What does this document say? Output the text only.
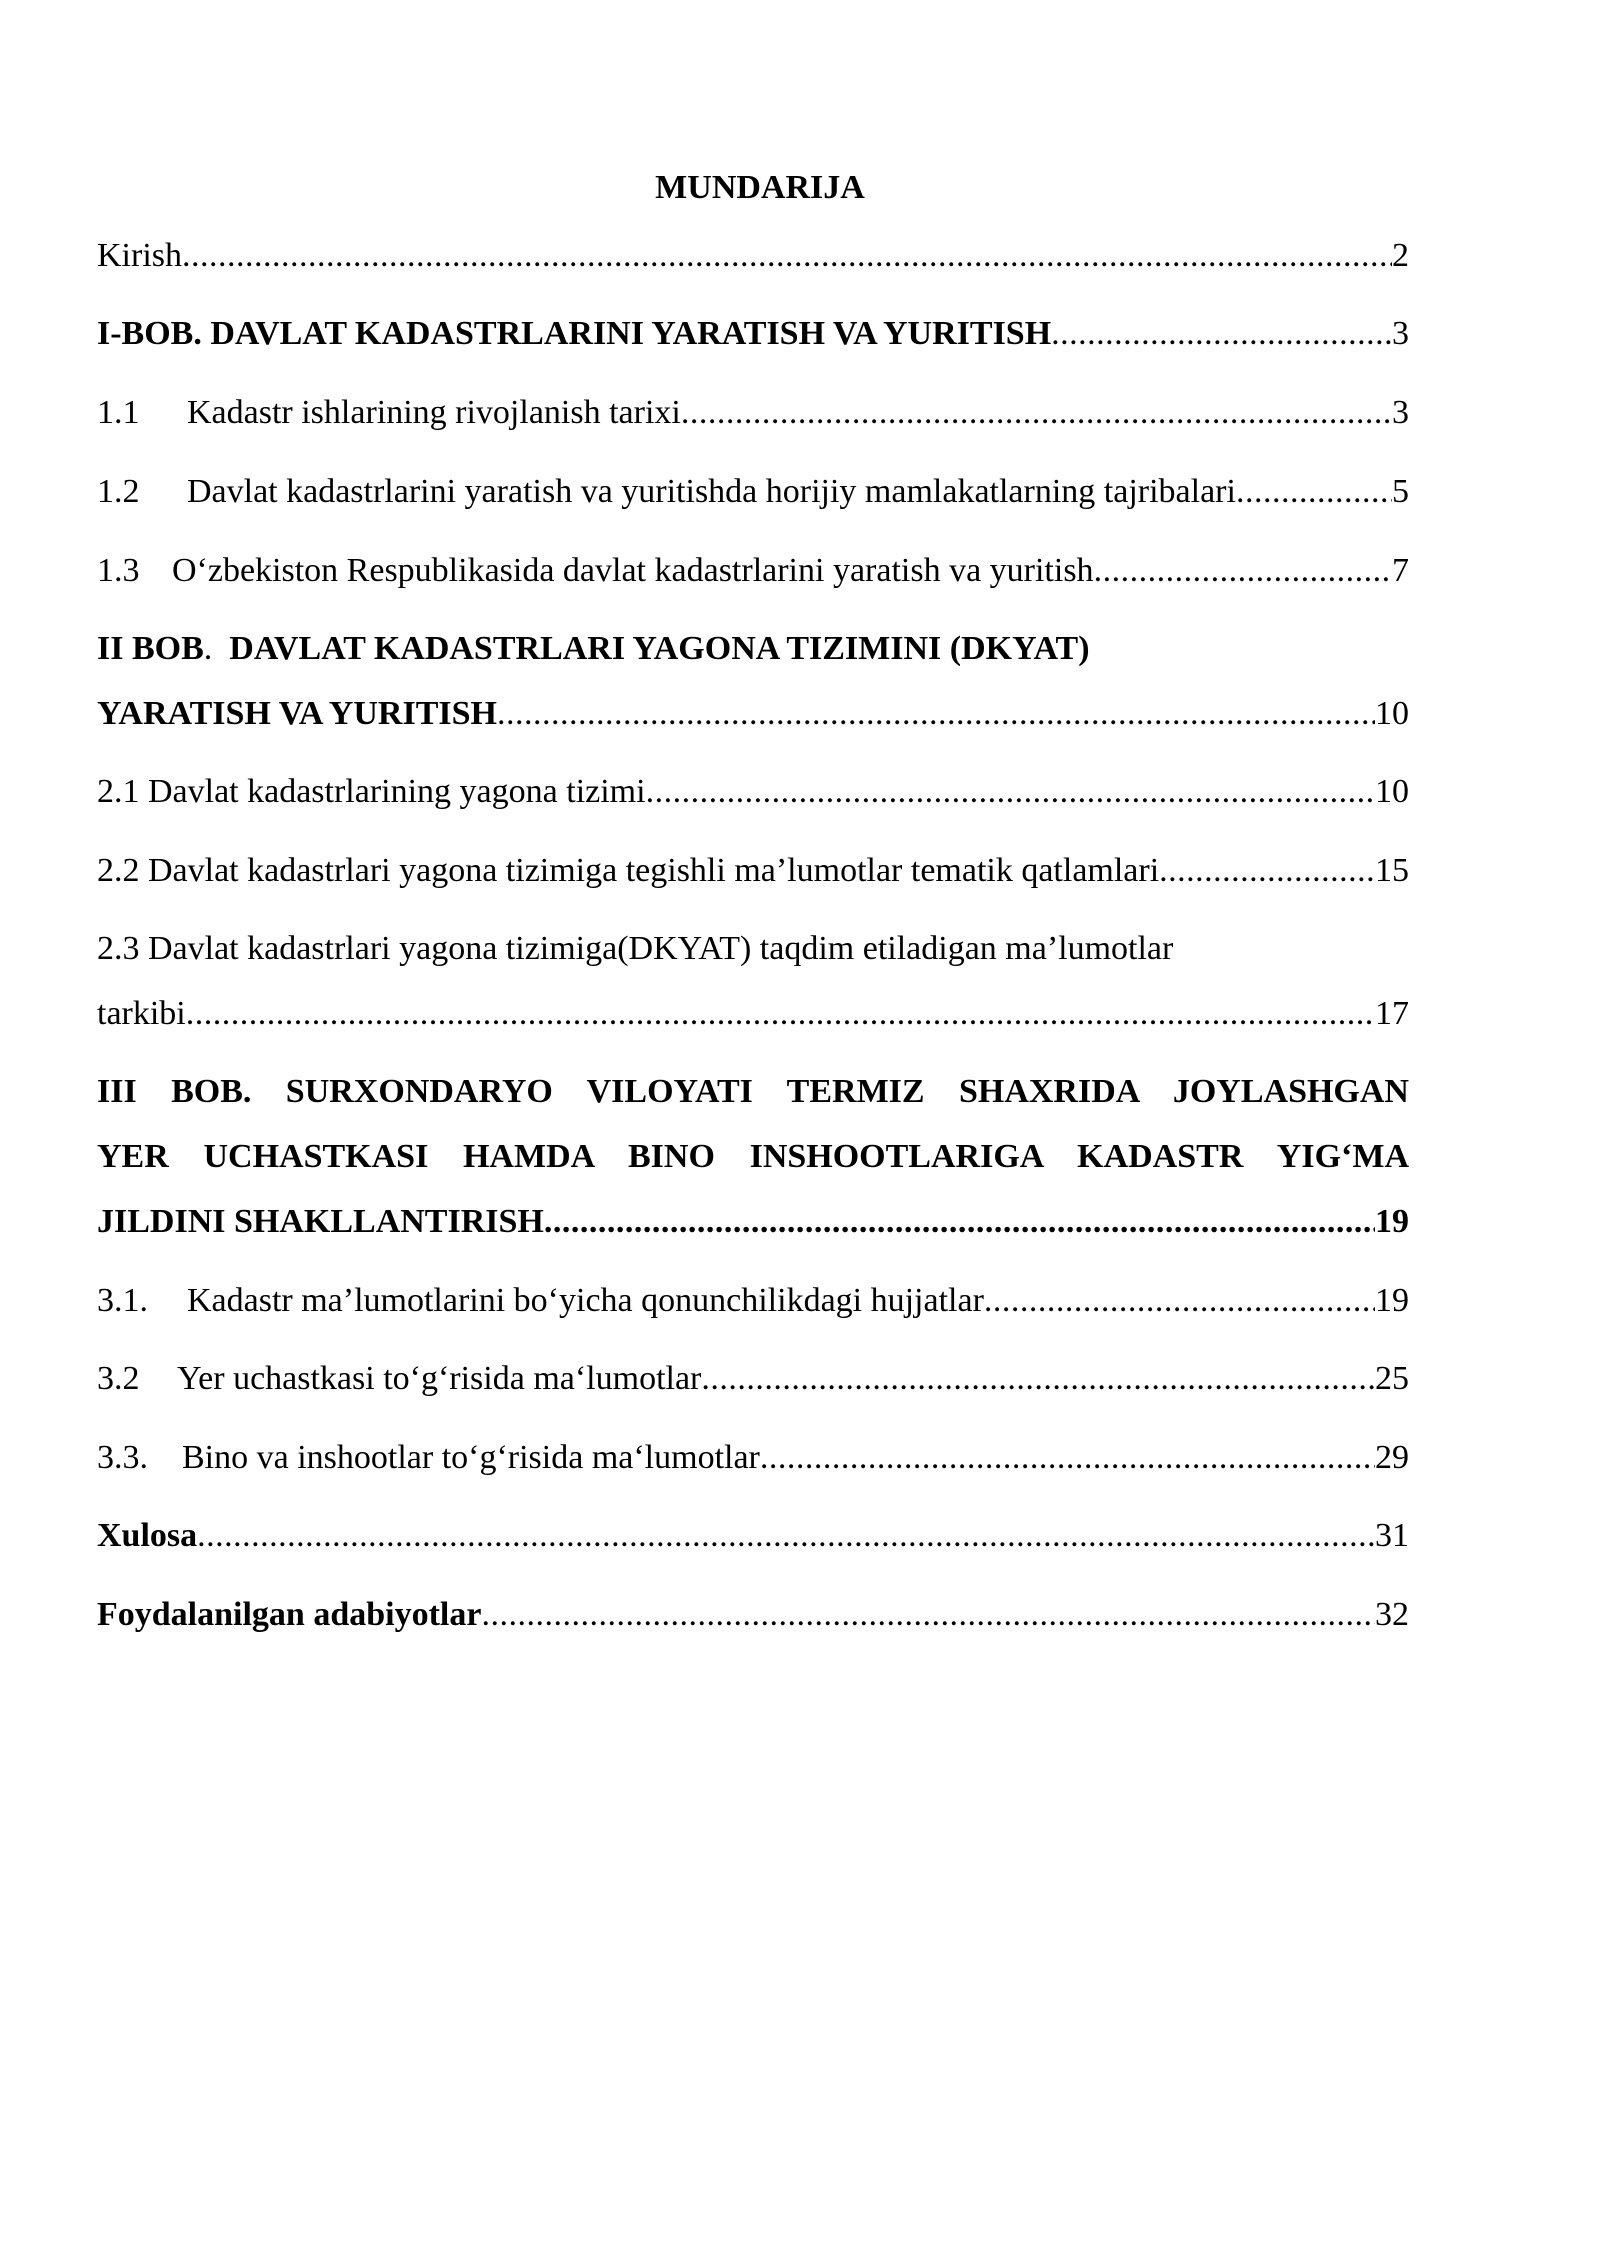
MUNDARIJA
Kirish .....	2
I-BOB. DAVLAT KADASTRLARINI YARATISH VA YURITISH .....	3
1.1 Kadastr ishlarining rivojlanish tarixi .....	3
1.2 Davlat kadastrlarini yaratish va yuritishda horijiy mamlakatlarning tajribalari .....	5
1.3 O‘zbekiston Respublikasida davlat kadastrlarini yaratish va yuritish .....	7
II BOB.  DAVLAT KADASTRLARI YAGONA TIZIMINI (DKYAT)
YARATISH VA YURITISH .....	10
2.1 Davlat kadastrlarining yagona tizimi .....	10
2.2 Davlat kadastrlari yagona tizimiga tegishli ma’lumotlar tematik qatlamlari .....	15
2.3 Davlat kadastrlari yagona tizimiga(DKYAT) taqdim etiladigan ma’lumotlar
tarkibi .....	17
III BOB. SURXONDARYO VILOYATI TERMIZ SHAXRIDA JOYLASHGAN
YER UCHASTKASI HAMDA BINO INSHOOTLARIGA KADASTR YIG‘MA
JILDINI SHAKLLANTIRISH .....	19
3.1. Kadastr ma’lumotlarini bo‘yicha qonunchilikdagi hujjatlar .....	19
3.2 Yer uchastkasi to‘g‘risida ma‘lumotlar .....	25
3.3. Bino va inshootlar to‘g‘risida ma‘lumotlar .....	29
Xulosa .....	31
Foydalanilgan adabiyotlar .....	32
